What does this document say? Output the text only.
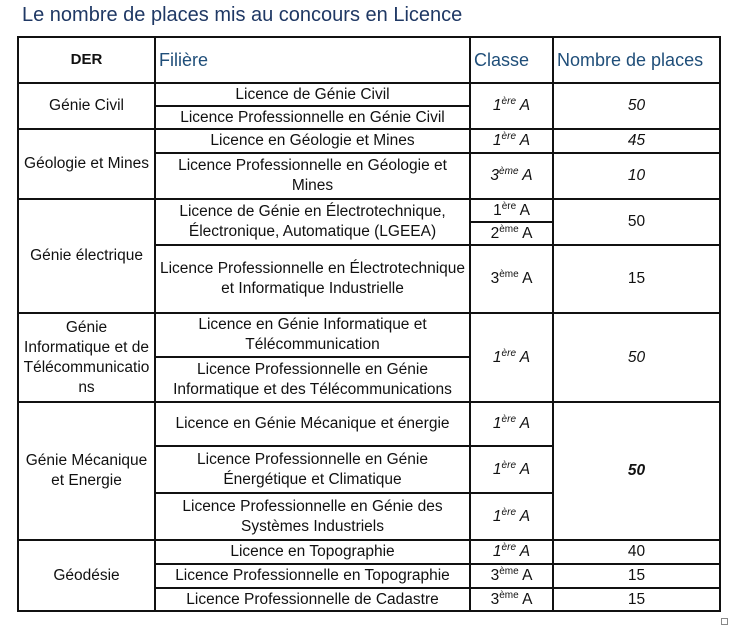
Le nombre de places mis au concours en Licence
DER	Filière	Classe	Nombre de places
Génie Civil	Licence de Génie Civil	1ère A	50
	Licence Professionnelle en Génie Civil		
Géologie et Mines	Licence en Géologie et Mines	1ère A	45
	Licence Professionnelle en Géologie et Mines	3ème A	10
Génie électrique	Licence de Génie en Électrotechnique, Électronique, Automatique (LGEEA)	1ère A	50
		2ème A	
	Licence Professionnelle en Électrotechnique et Informatique Industrielle	3ème A	15
Génie Informatique et de Télécommunicatio ns	Licence en Génie Informatique et Télécommunication	1ère A	50
	Licence Professionnelle en Génie Informatique et des Télécommunications		
Génie Mécanique et Energie	Licence en Génie Mécanique et énergie	1ère A	50
	Licence Professionnelle en Génie Énergétique et Climatique	1ère A	
	Licence Professionnelle en Génie des Systèmes Industriels	1ère A	
Géodésie	Licence en Topographie	1ère A	40
	Licence Professionnelle en Topographie	3ème A	15
	Licence Professionnelle de Cadastre	3ème A	15
